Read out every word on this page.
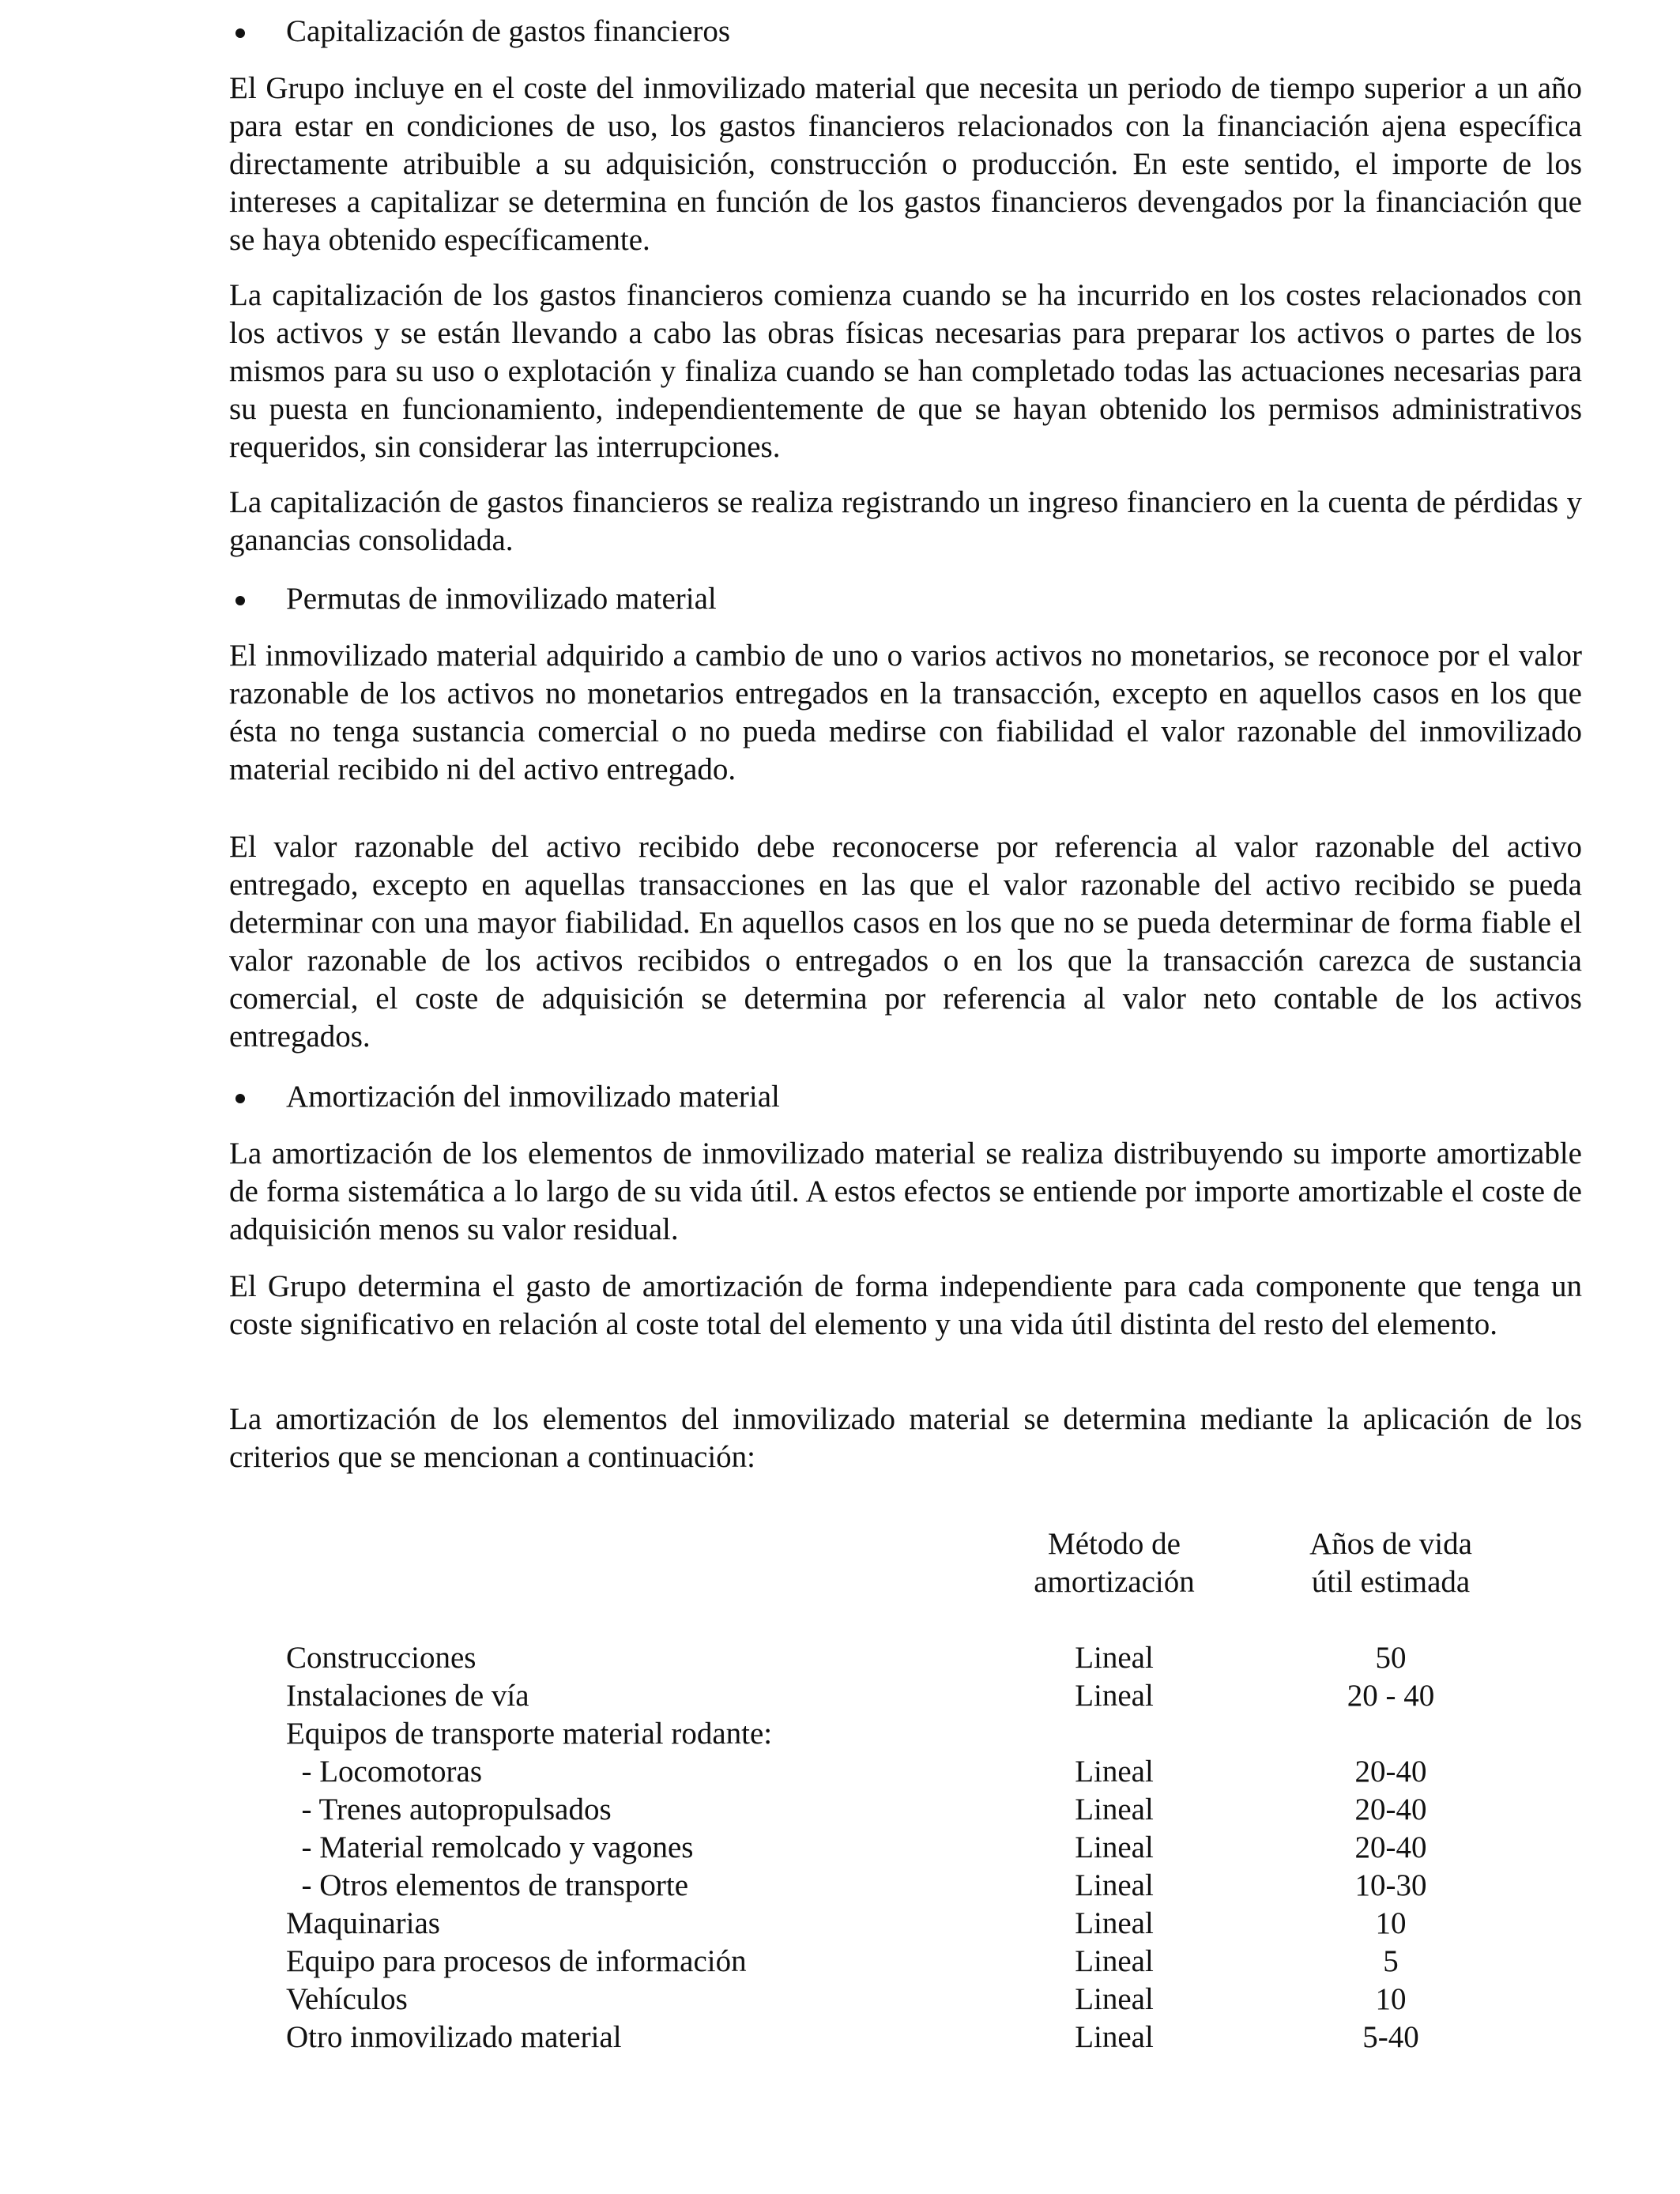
Capitalización de gastos financieros

El Grupo incluye en el coste del inmovilizado material que necesita un periodo de tiempo superior a un año para estar en condiciones de uso, los gastos financieros relacionados con la financiación ajena específica directamente atribuible a su adquisición, construcción o producción. En este sentido, el importe de los intereses a capitalizar se determina en función de los gastos financieros devengados por la financiación que se haya obtenido específicamente.

La capitalización de los gastos financieros comienza cuando se ha incurrido en los costes relacionados con los activos y se están llevando a cabo las obras físicas necesarias para preparar los activos o partes de los mismos para su uso o explotación y finaliza cuando se han completado todas las actuaciones necesarias para su puesta en funcionamiento, independientemente de que se hayan obtenido los permisos administrativos requeridos, sin considerar las interrupciones.

La capitalización de gastos financieros se realiza registrando un ingreso financiero en la cuenta de pérdidas y ganancias consolidada.

Permutas de inmovilizado material

El inmovilizado material adquirido a cambio de uno o varios activos no monetarios, se reconoce por el valor razonable de los activos no monetarios entregados en la transacción, excepto en aquellos casos en los que ésta no tenga sustancia comercial o no pueda medirse con fiabilidad el valor razonable del inmovilizado material recibido ni del activo entregado.

El valor razonable del activo recibido debe reconocerse por referencia al valor razonable del activo entregado, excepto en aquellas transacciones en las que el valor razonable del activo recibido se pueda determinar con una mayor fiabilidad. En aquellos casos en los que no se pueda determinar de forma fiable el valor razonable de los activos recibidos o entregados o en los que la transacción carezca de sustancia comercial, el coste de adquisición se determina por referencia al valor neto contable de los activos entregados.

Amortización del inmovilizado material

La amortización de los elementos de inmovilizado material se realiza distribuyendo su importe amortizable de forma sistemática a lo largo de su vida útil. A estos efectos se entiende por importe amortizable el coste de adquisición menos su valor residual.

El Grupo determina el gasto de amortización de forma independiente para cada componente que tenga un coste significativo en relación al coste total del elemento y una vida útil distinta del resto del elemento.

La amortización de los elementos del inmovilizado material se determina mediante la aplicación de los criterios que se mencionan a continuación:

Método de
amortización
Años de vida
útil estimada
Construcciones	Lineal	50
Instalaciones de vía	Lineal	20 - 40
Equipos de transporte material rodante:
- Locomotoras	Lineal	20-40
- Trenes autopropulsados	Lineal	20-40
- Material remolcado y vagones	Lineal	20-40
- Otros elementos de transporte	Lineal	10-30
Maquinarias	Lineal	10
Equipo para procesos de información	Lineal	5
Vehículos	Lineal	10
Otro inmovilizado material	Lineal	5-40
